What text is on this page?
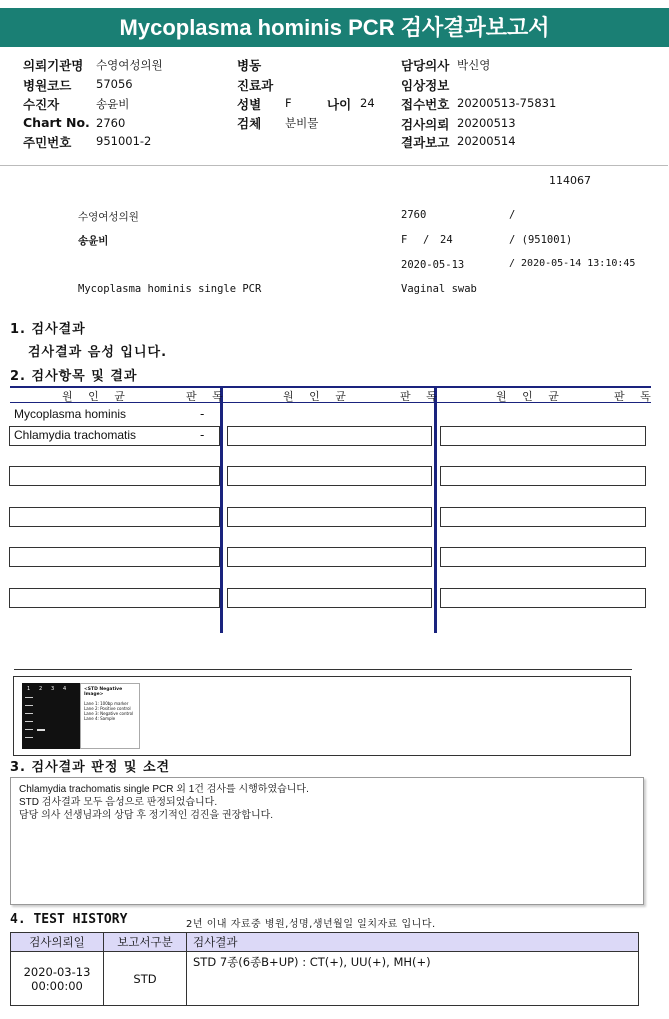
Mycoplasma hominis PCR 검사결과보고서
의뢰기관명 수영여성의원	병동	담당의사 박신영
병원코드 57056	진료과	임상정보
수진자	송윤비	성별 F	나이 24 접수번호 20200513-75831
Chart No. 2760	검체 분비물	검사의뢰 20200513
주민번호 951001-2	결과보고 20200514
114067
수영여성의원	2760	/
송윤비	F / 24	/ (951001)
2020-05-13	/ 2020-05-14 13:10:45
Mycoplasma hominis single PCR	Vaginal swab
1. 검사결과
검사결과 음성 입니다.
2. 검사항목 및 결과
원 인 균	판 독	원 인 균	판 독	원 인 균	판 독
Mycoplasma hominis	-
Chlamydia trachomatis	-
1 2 3 4	<STD Negative Image>
Lane 1: 100bp marker
Lane 2: Positive control
Lane 3: Negative control
Lane 4: Sample
3. 검사결과 판정 및 소견
Chlamydia trachomatis single PCR 외 1건 검사를 시행하였습니다.
STD 검사결과 모두 음성으로 판정되었습니다.
담당 의사 선생님과의 상담 후 정기적인 검진을 권장합니다.
4. TEST HISTORY	2년 이내 자료중 병원,성명,생년월일 일치자료 입니다.
검사의뢰일	보고서구분	검사결과

2020-03-13
00:00:00	STD	STD 7종(6종B+UP) : CT(+), UU(+), MH(+)
